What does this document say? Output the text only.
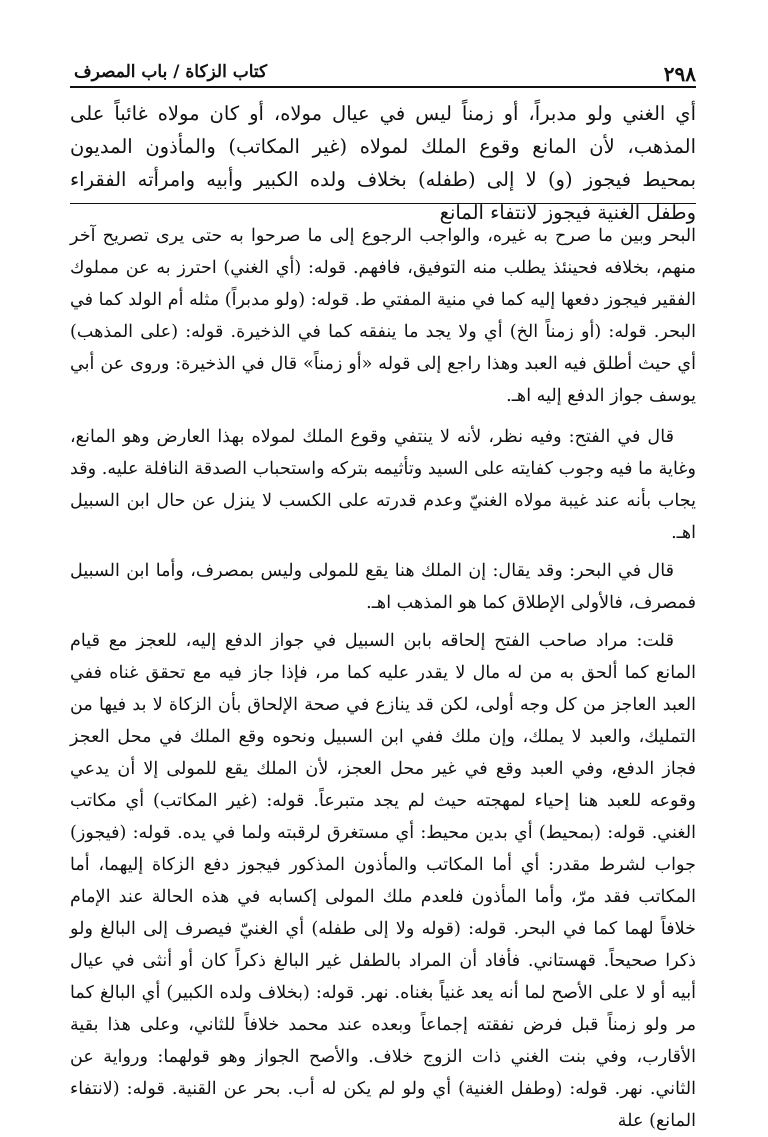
٢٩٨
كتاب الزكاة / باب المصرف

أي الغني ولو مدبراً، أو زمناً ليس في عيال مولاه، أو كان مولاه غائباً على المذهب، لأن المانع وقوع الملك لمولاه (غير المكاتب) والمأذون المديون بمحيط فيجوز (و) لا إلى (طفله) بخلاف ولده الكبير وأبيه وامرأته الفقراء وطفل الغنية فيجوز لانتفاء المانع

البحر وبين ما صرح به غيره، والواجب الرجوع إلى ما صرحوا به حتى يرى تصريح آخر منهم، بخلافه فحينئذ يطلب منه التوفيق، فافهم. قوله: (أي الغني) احترز به عن مملوك الفقير فيجوز دفعها إليه كما في منية المفتي ط. قوله: (ولو مدبراً) مثله أم الولد كما في البحر. قوله: (أو زمناً الخ) أي ولا يجد ما ينفقه كما في الذخيرة. قوله: (على المذهب) أي حيث أطلق فيه العبد وهذا راجع إلى قوله «أو زمناً» قال في الذخيرة: وروى عن أبي يوسف جواز الدفع إليه اهـ.

قال في الفتح: وفيه نظر، لأنه لا ينتفي وقوع الملك لمولاه بهذا العارض وهو المانع، وغاية ما فيه وجوب كفايته على السيد وتأثيمه بتركه واستحباب الصدقة النافلة عليه. وقد يجاب بأنه عند غيبة مولاه الغنيّ وعدم قدرته على الكسب لا ينزل عن حال ابن السبيل اهـ.

قال في البحر: وقد يقال: إن الملك هنا يقع للمولى وليس بمصرف، وأما ابن السبيل فمصرف، فالأولى الإطلاق كما هو المذهب اهـ.

قلت: مراد صاحب الفتح إلحاقه بابن السبيل في جواز الدفع إليه، للعجز مع قيام المانع كما ألحق به من له مال لا يقدر عليه كما مر، فإذا جاز فيه مع تحقق غناه ففي العبد العاجز من كل وجه أولى، لكن قد ينازع في صحة الإلحاق بأن الزكاة لا بد فيها من التمليك، والعبد لا يملك، وإن ملك ففي ابن السبيل ونحوه وقع الملك في محل العجز فجاز الدفع، وفي العبد وقع في غير محل العجز، لأن الملك يقع للمولى إلا أن يدعي وقوعه للعبد هنا إحياء لمهجته حيث لم يجد متبرعاً. قوله: (غير المكاتب) أي مكاتب الغني. قوله: (بمحيط) أي بدين محيط: أي مستغرق لرقبته ولما في يده. قوله: (فيجوز) جواب لشرط مقدر: أي أما المكاتب والمأذون المذكور فيجوز دفع الزكاة إليهما، أما المكاتب فقد مرّ، وأما المأذون فلعدم ملك المولى إكسابه في هذه الحالة عند الإمام خلافاً لهما كما في البحر. قوله: (قوله ولا إلى طفله) أي الغنيّ فيصرف إلى البالغ ولو ذكرا صحيحاً. قهستاني. فأفاد أن المراد بالطفل غير البالغ ذكراً كان أو أنثى في عيال أبيه أو لا على الأصح لما أنه يعد غنياً بغناه. نهر. قوله: (بخلاف ولده الكبير) أي البالغ كما مر ولو زمناً قبل فرض نفقته إجماعاً وبعده عند محمد خلافاً للثاني، وعلى هذا بقية الأقارب، وفي بنت الغني ذات الزوج خلاف. والأصح الجواز وهو قولهما: ورواية عن الثاني. نهر. قوله: (وطفل الغنية) أي ولو لم يكن له أب. بحر عن القنية. قوله: (لانتفاء المانع) علة
